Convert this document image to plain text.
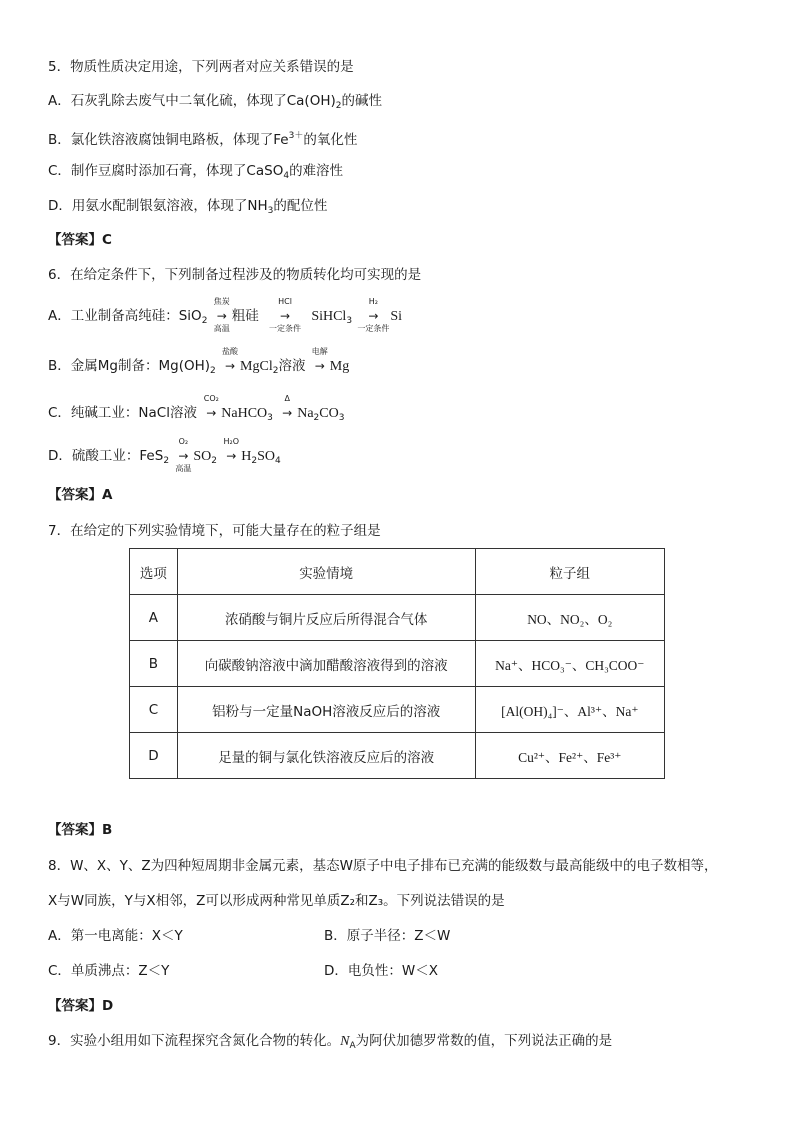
5．物质性质决定用途，下列两者对应关系错误的是
A．石灰乳除去废气中二氧化硫，体现了$Ca(OH)_2$的碱性
B．氯化铁溶液腐蚀铜电路板，体现了$Fe^{3+}$的氧化性
C．制作豆腐时添加石膏，体现了CaSO$_4$的难溶性
D．用氨水配制银氨溶液，体现了$NH_3$的配位性
【答案】C
6．在给定条件下，下列制备过程涉及的物质转化均可实现的是
A．工业制备高纯硅：SiO$_2$
焦炭
→
高温
粗硅
HCl
→
一定条件
SiHCl$_3$
H₂
→
一定条件
Si
B．金属Mg制备：$Mg(OH)_2$
盐酸
→ MgCl$_2$溶液
电解
→ Mg
C．纯碱工业：NaCl溶液
CO₂
→ NaHCO$_3$
Δ
→ $Na_2CO_3$
D．硫酸工业：FeS$_2$
O₂
→
高温
$SO_2$
H₂O
→ $H_2SO_4$
【答案】A
7．在给定的下列实验情境下，可能大量存在的粒子组是
选项	实验情境	粒子组
A	浓硝酸与铜片反应后所得混合气体	NO、NO₂、O₂
B	向碳酸钠溶液中滴加醋酸溶液得到的溶液	Na⁺、HCO₃⁻、CH₃COO⁻
C	铝粉与一定量NaOH溶液反应后的溶液	[Al(OH)₄]⁻、Al³⁺、Na⁺
D	足量的铜与氯化铁溶液反应后的溶液	Cu²⁺、Fe²⁺、Fe³⁺
【答案】B
8．W、X、Y、Z为四种短周期非金属元素，基态W原子中电子排布已充满的能级数与最高能级中的电子数相等，
X与W同族，Y与X相邻，Z可以形成两种常见单质Z₂和Z₃。下列说法错误的是
A．第一电离能：X＜Y	B．原子半径：Z＜W
C．单质沸点：Z＜Y	D．电负性：W＜X
【答案】D
9．实验小组用如下流程探究含氮化合物的转化。$N_A$为阿伏加德罗常数的值，下列说法正确的是
